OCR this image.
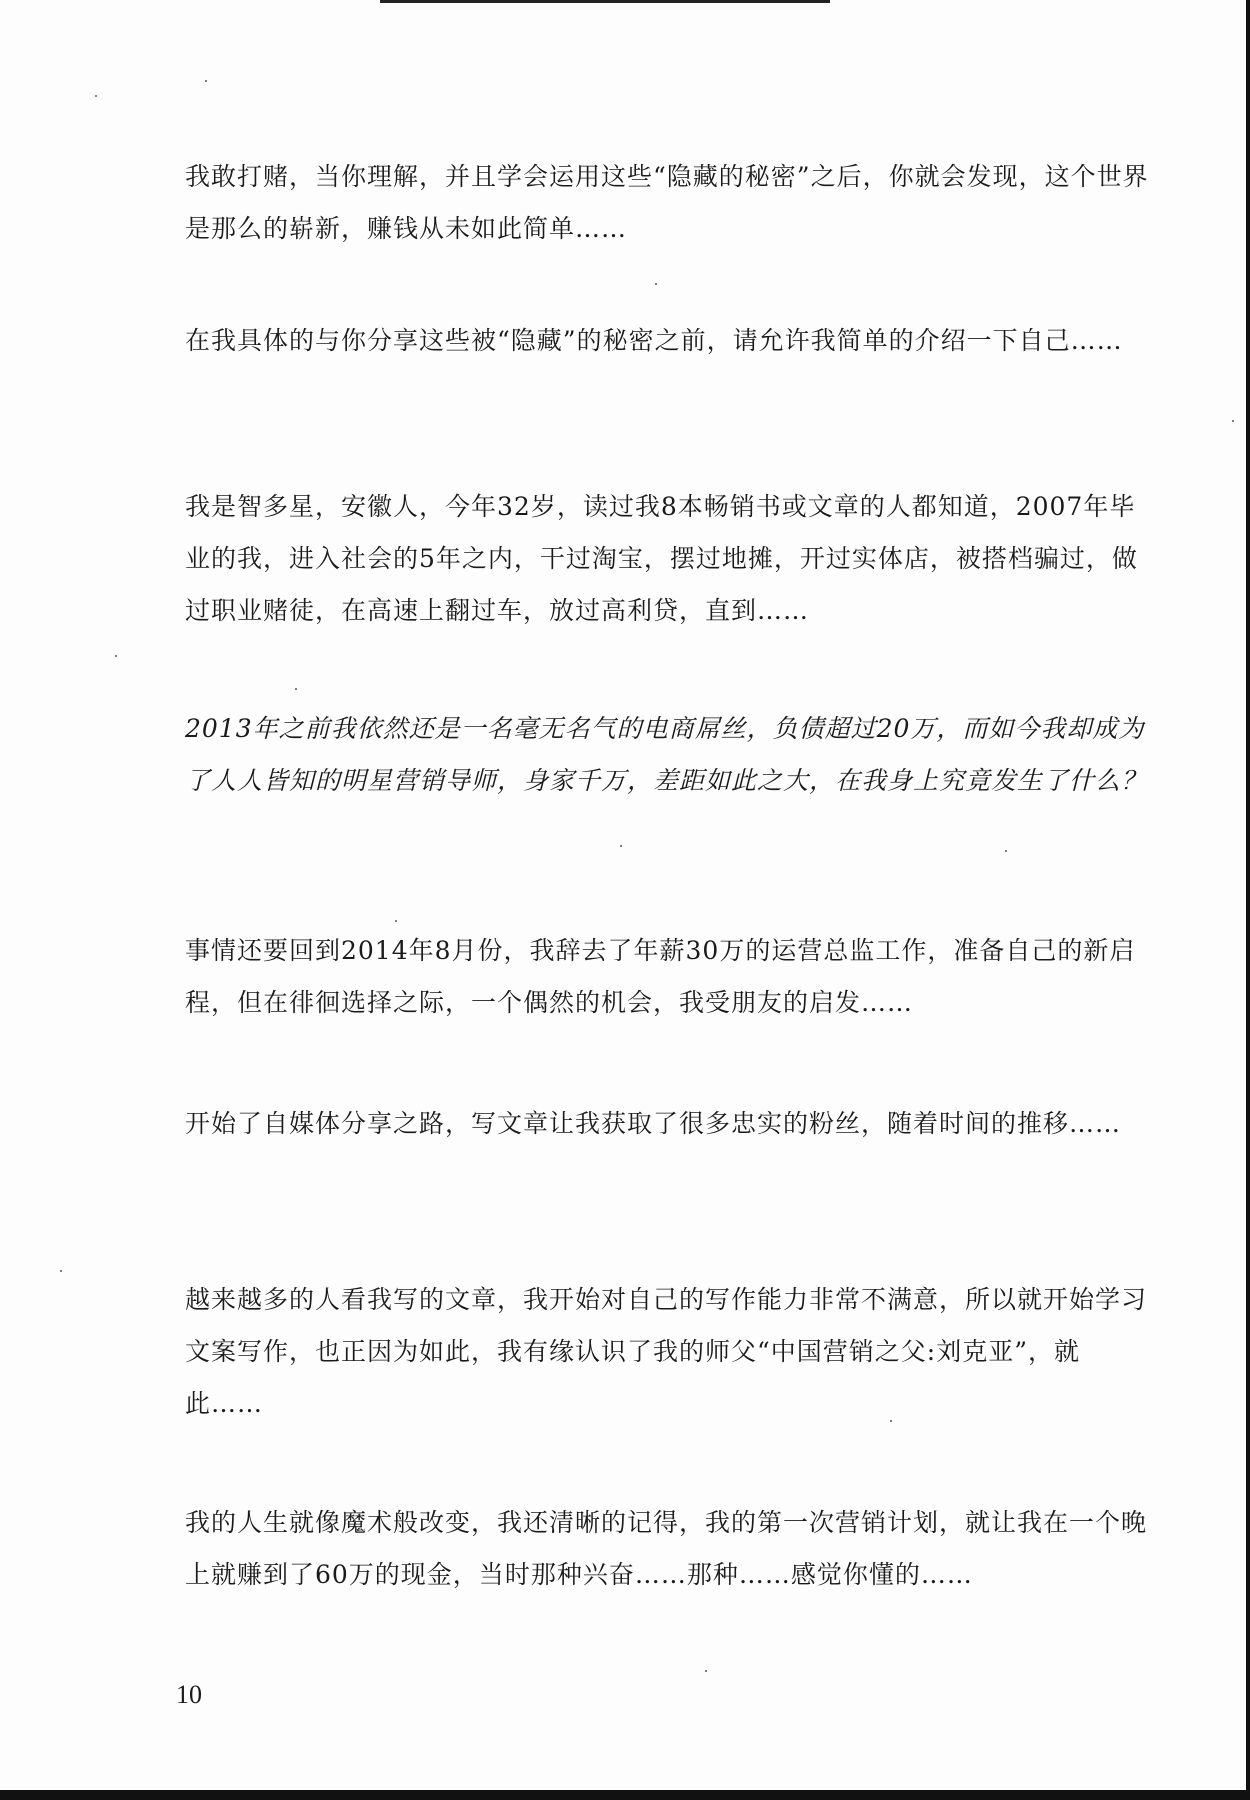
我敢打赌，当你理解，并且学会运用这些“隐藏的秘密”之后，你就会发现，这个世界是那么的崭新，赚钱从未如此简单……

在我具体的与你分享这些被“隐藏”的秘密之前，请允许我简单的介绍一下自己……

我是智多星，安徽人，今年32岁，读过我8本畅销书或文章的人都知道，2007年毕业的我，进入社会的5年之内，干过淘宝，摆过地摊，开过实体店，被搭档骗过，做过职业赌徒，在高速上翻过车，放过高利贷，直到……

2013年之前我依然还是一名毫无名气的电商屌丝，负债超过20万，而如今我却成为了人人皆知的明星营销导师，身家千万，差距如此之大，在我身上究竟发生了什么？

事情还要回到2014年8月份，我辞去了年薪30万的运营总监工作，准备自己的新启程，但在徘徊选择之际，一个偶然的机会，我受朋友的启发……

开始了自媒体分享之路，写文章让我获取了很多忠实的粉丝，随着时间的推移……

越来越多的人看我写的文章，我开始对自己的写作能力非常不满意，所以就开始学习文案写作，也正因为如此，我有缘认识了我的师父“中国营销之父:刘克亚”，就此……

我的人生就像魔术般改变，我还清晰的记得，我的第一次营销计划，就让我在一个晚上就赚到了60万的现金，当时那种兴奋……那种……感觉你懂的……

10
